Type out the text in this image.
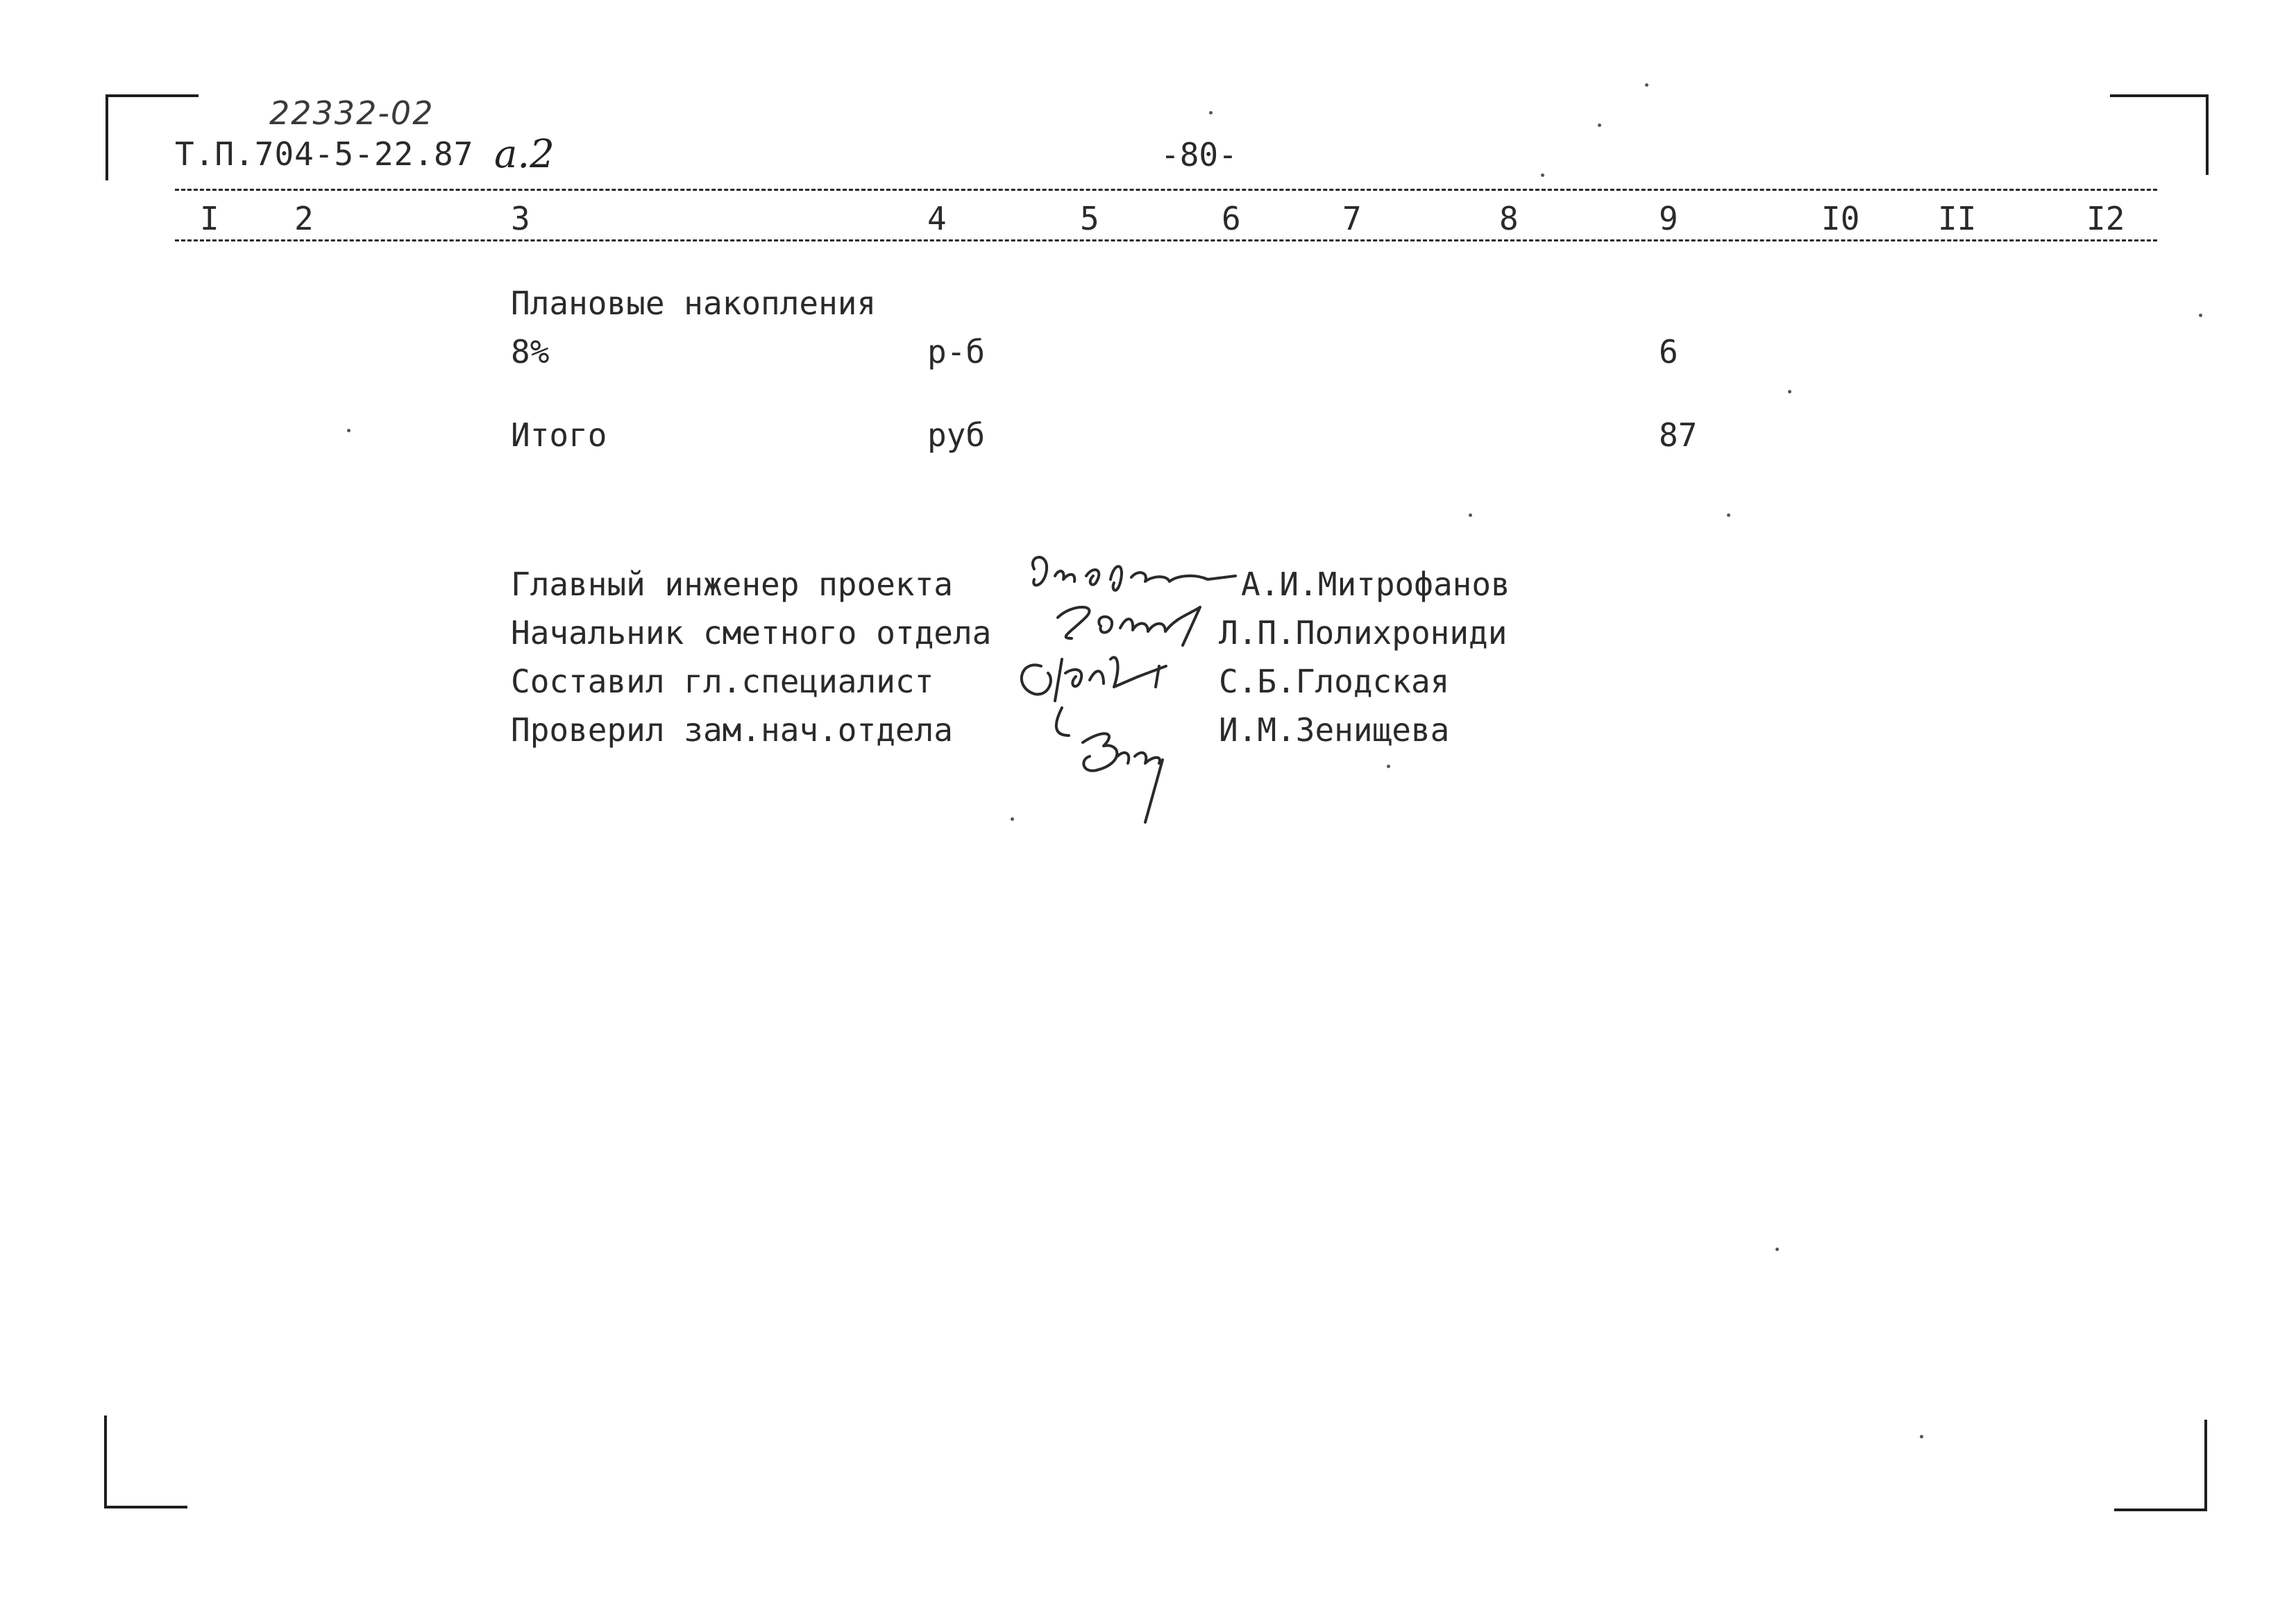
22332-02
Т.П.704-5-22.87 а.2	-80-
I 2	3	4	5	6	7	8	9	I0 II	I2
Плановые накопления
8%	р-б	6
Итого	руб	87
Главный инженер проекта	А.И.Митрофанов
Начальник сметного отдела	Л.П.Полихрониди
Составил гл.специалист	С.Б.Глодская
Проверил зам.нач.отдела	И.М.Зенищева
